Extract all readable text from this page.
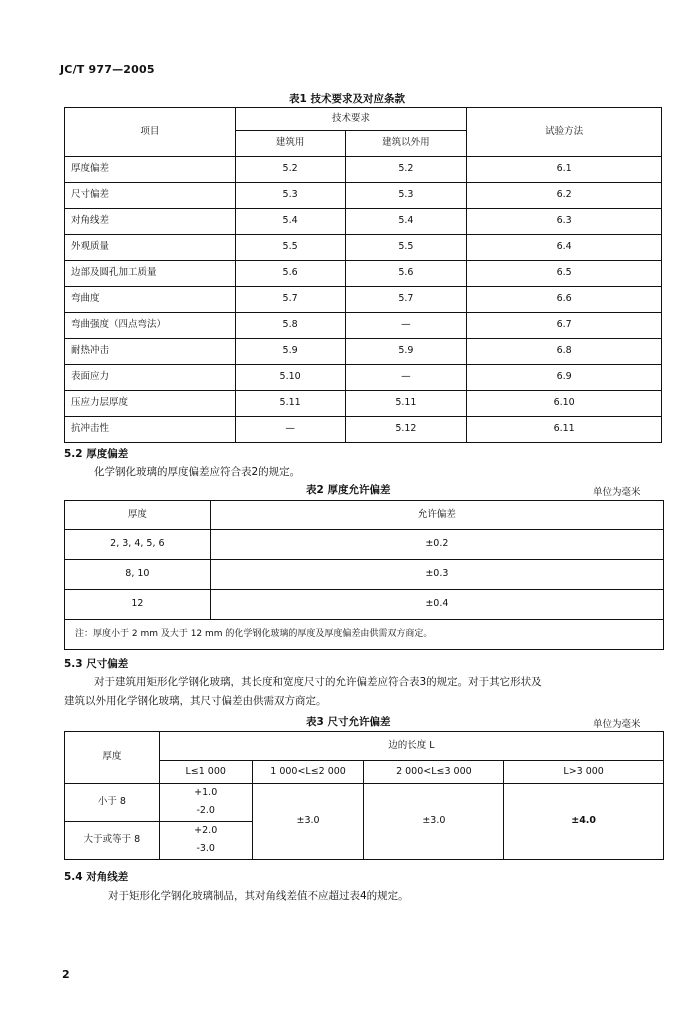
JC/T 977—2005
表1 技术要求及对应条款
项目	技术要求		试验方法
	建筑用	建筑以外用	
厚度偏差	5.2	5.2	6.1
尺寸偏差	5.3	5.3	6.2
对角线差	5.4	5.4	6.3
外观质量	5.5	5.5	6.4
边部及圆孔加工质量	5.6	5.6	6.5
弯曲度	5.7	5.7	6.6
弯曲强度（四点弯法）	5.8	—	6.7
耐热冲击	5.9	5.9	6.8
表面应力	5.10	—	6.9
压应力层厚度	5.11	5.11	6.10
抗冲击性	—	5.12	6.11
5.2 厚度偏差
化学钢化玻璃的厚度偏差应符合表2的规定。
表2 厚度允许偏差	单位为毫米
厚度	允许偏差
2, 3, 4, 5, 6	±0.2
8, 10	±0.3
12	±0.4
注：厚度小于 2 mm 及大于 12 mm 的化学钢化玻璃的厚度及厚度偏差由供需双方商定。	
5.3 尺寸偏差
对于建筑用矩形化学钢化玻璃，其长度和宽度尺寸的允许偏差应符合表3的规定。对于其它形状及
建筑以外用化学钢化玻璃，其尺寸偏差由供需双方商定。
表3 尺寸允许偏差	单位为毫米
厚度	边的长度 L			
	L≤1 000	1 000<L≤2 000	2 000<L≤3 000	L>3 000
小于 8	+1.0	±3.0	±3.0	±4.0
	-2.0			
大于或等于 8	+2.0			
	-3.0			
5.4 对角线差
对于矩形化学钢化玻璃制品，其对角线差值不应超过表4的规定。
2
